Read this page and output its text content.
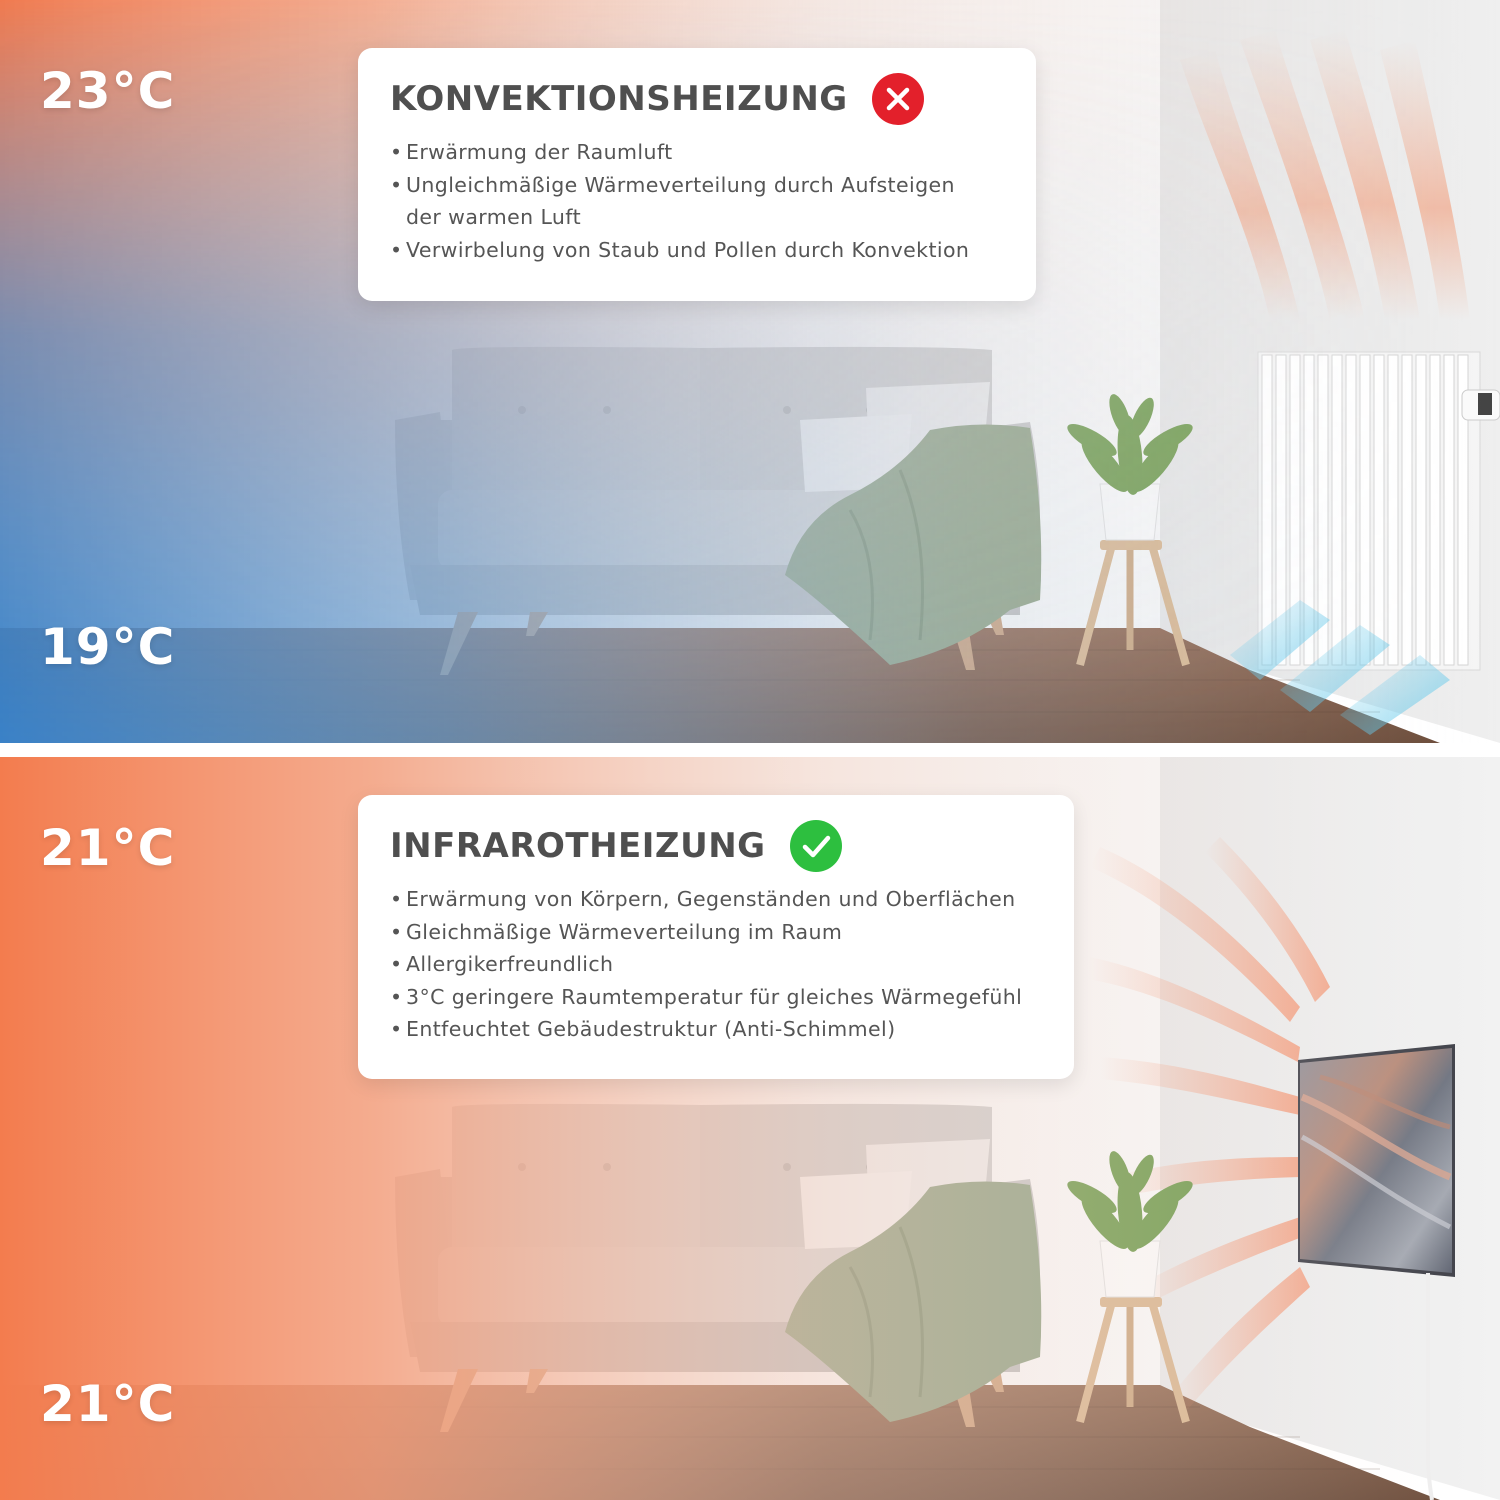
23°C
19°C
KONVEKTIONSHEIZUNG
• Erwärmung der Raumluft
• Ungleichmäßige Wärmeverteilung durch Aufsteigen der warmen Luft
• Verwirbelung von Staub und Pollen durch Konvektion
21°C
21°C
INFRAROTHEIZUNG
• Erwärmung von Körpern, Gegenständen und Oberflächen
• Gleichmäßige Wärmeverteilung im Raum
• Allergikerfreundlich
• 3°C geringere Raumtemperatur für gleiches Wärmegefühl
• Entfeuchtet Gebäudestruktur (Anti-Schimmel)
